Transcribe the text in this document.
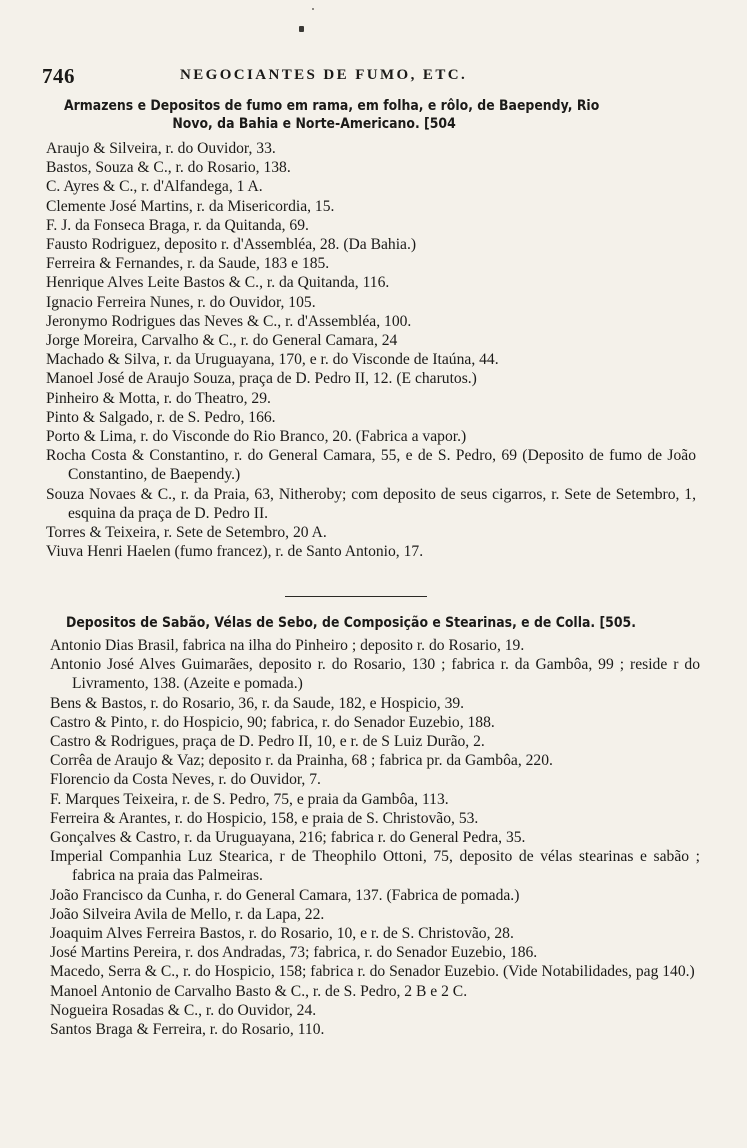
746	NEGOCIANTES DE FUMO, ETC.
Armazens e Depositos de fumo em rama, em folha, e rôlo, de Baependy, Rio
Novo, da Bahia e Norte-Americano. [504
Araujo & Silveira, r. do Ouvidor, 33.
Bastos, Souza & C., r. do Rosario, 138.
C. Ayres & C., r. d'Alfandega, 1 A.
Clemente José Martins, r. da Misericordia, 15.
F. J. da Fonseca Braga, r. da Quitanda, 69.
Fausto Rodriguez, deposito r. d'Assembléa, 28. (Da Bahia.)
Ferreira & Fernandes, r. da Saude, 183 e 185.
Henrique Alves Leite Bastos & C., r. da Quitanda, 116.
Ignacio Ferreira Nunes, r. do Ouvidor, 105.
Jeronymo Rodrigues das Neves & C., r. d'Assembléa, 100.
Jorge Moreira, Carvalho & C., r. do General Camara, 24
Machado & Silva, r. da Uruguayana, 170, e r. do Visconde de Itaúna, 44.
Manoel José de Araujo Souza, praça de D. Pedro II, 12. (E charutos.)
Pinheiro & Motta, r. do Theatro, 29.
Pinto & Salgado, r. de S. Pedro, 166.
Porto & Lima, r. do Visconde do Rio Branco, 20. (Fabrica a vapor.)
Rocha Costa & Constantino, r. do General Camara, 55, e de S. Pedro, 69 (Deposito de fumo de João Constantino, de Baependy.)
Souza Novaes & C., r. da Praia, 63, Nitheroby; com deposito de seus cigarros, r. Sete de Setembro, 1, esquina da praça de D. Pedro II.
Torres & Teixeira, r. Sete de Setembro, 20 A.
Viuva Henri Haelen (fumo francez), r. de Santo Antonio, 17.
Depositos de Sabão, Vélas de Sebo, de Composição e Stearinas, e de Colla. [505.
Antonio Dias Brasil, fabrica na ilha do Pinheiro ; deposito r. do Rosario, 19.
Antonio José Alves Guimarães, deposito r. do Rosario, 130 ; fabrica r. da Gambôa, 99 ; reside r do Livramento, 138. (Azeite e pomada.)
Bens & Bastos, r. do Rosario, 36, r. da Saude, 182, e Hospicio, 39.
Castro & Pinto, r. do Hospicio, 90; fabrica, r. do Senador Euzebio, 188.
Castro & Rodrigues, praça de D. Pedro II, 10, e r. de S Luiz Durão, 2.
Corrêa de Araujo & Vaz; deposito r. da Prainha, 68 ; fabrica pr. da Gambôa, 220.
Florencio da Costa Neves, r. do Ouvidor, 7.
F. Marques Teixeira, r. de S. Pedro, 75, e praia da Gambôa, 113.
Ferreira & Arantes, r. do Hospicio, 158, e praia de S. Christovão, 53.
Gonçalves & Castro, r. da Uruguayana, 216; fabrica r. do General Pedra, 35.
Imperial Companhia Luz Stearica, r de Theophilo Ottoni, 75, deposito de vélas stearinas e sabão ; fabrica na praia das Palmeiras.
João Francisco da Cunha, r. do General Camara, 137. (Fabrica de pomada.)
João Silveira Avila de Mello, r. da Lapa, 22.
Joaquim Alves Ferreira Bastos, r. do Rosario, 10, e r. de S. Christovão, 28.
José Martins Pereira, r. dos Andradas, 73; fabrica, r. do Senador Euzebio, 186.
Macedo, Serra & C., r. do Hospicio, 158; fabrica r. do Senador Euzebio. (Vide Notabilidades, pag 140.)
Manoel Antonio de Carvalho Basto & C., r. de S. Pedro, 2 B e 2 C.
Nogueira Rosadas & C., r. do Ouvidor, 24.
Santos Braga & Ferreira, r. do Rosario, 110.
